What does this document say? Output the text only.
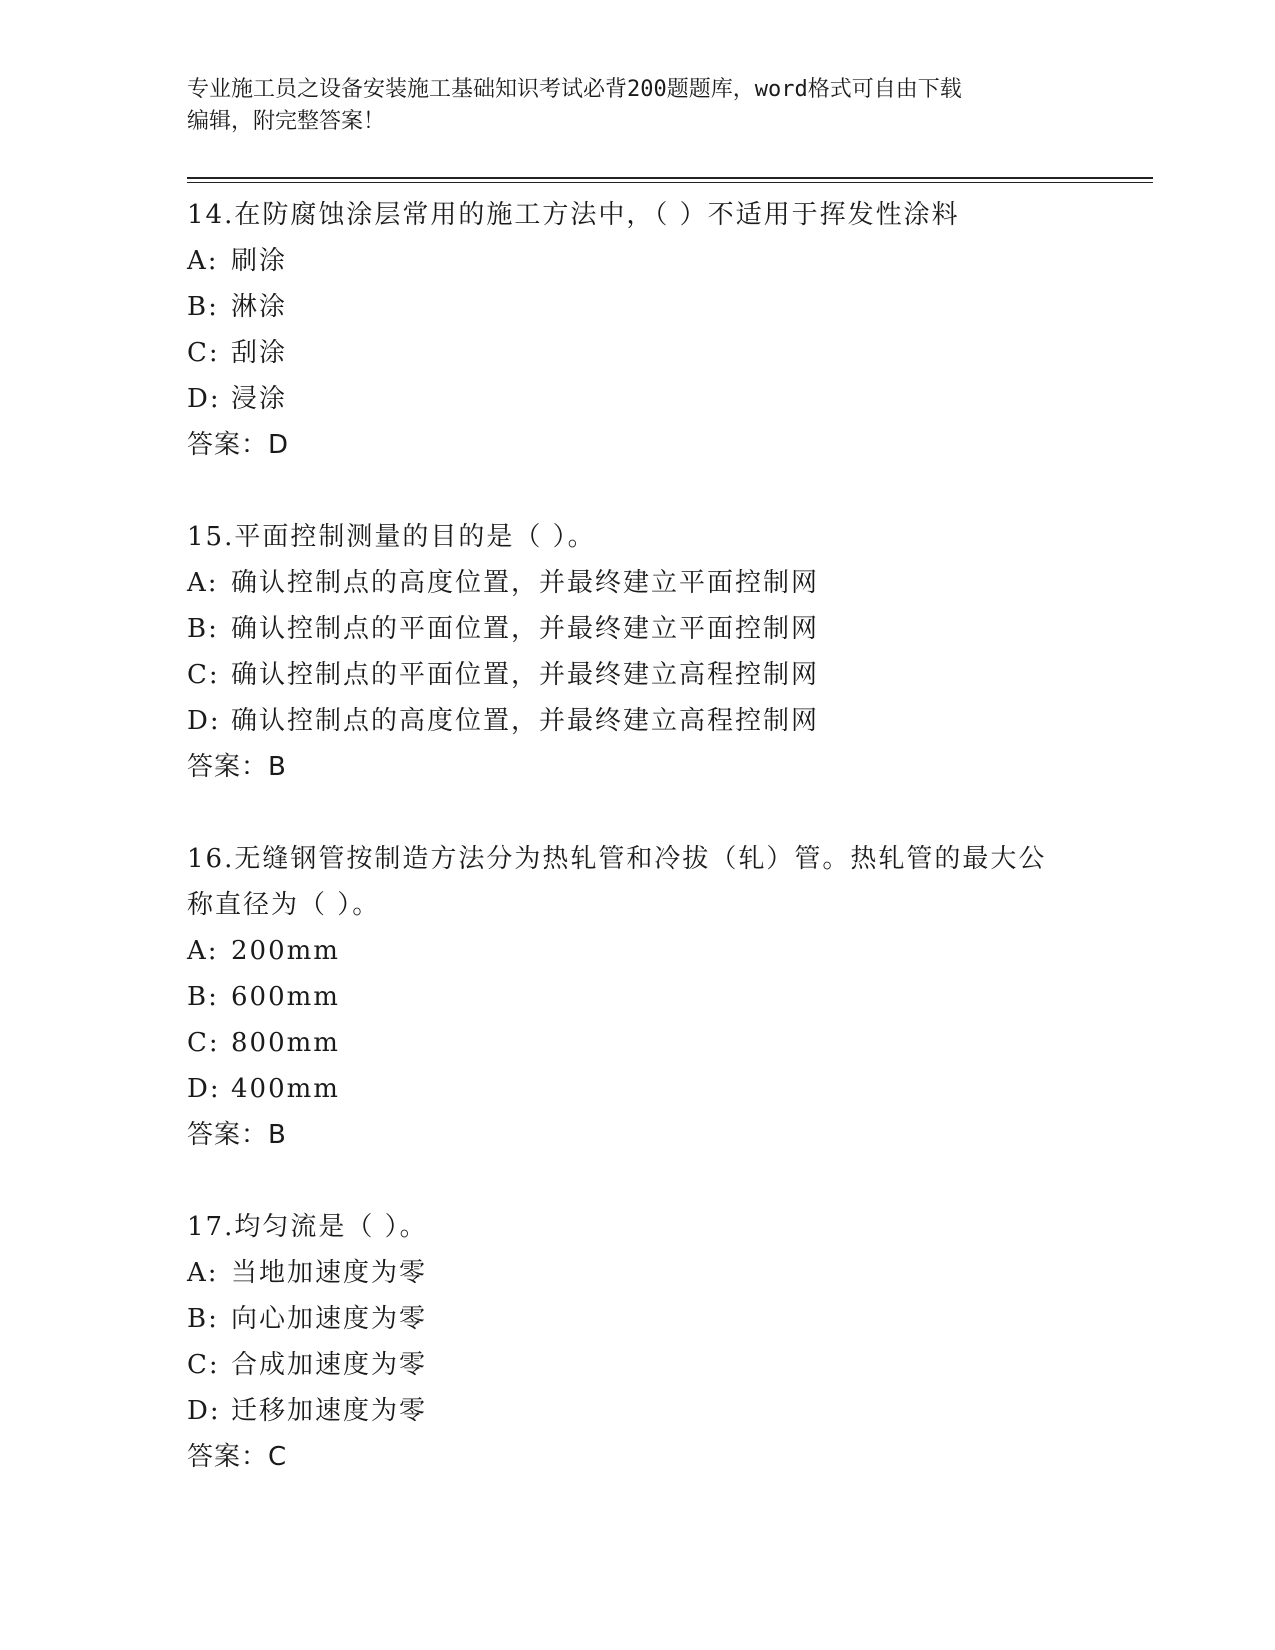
专业施工员之设备安装施工基础知识考试必背200题题库，word格式可自由下载
编辑，附完整答案！
14.在防腐蚀涂层常用的施工方法中，（ ）不适用于挥发性涂料
A: 刷涂
B: 淋涂
C: 刮涂
D: 浸涂
答案：D
15.平面控制测量的目的是（ ）。
A: 确认控制点的高度位置，并最终建立平面控制网
B: 确认控制点的平面位置，并最终建立平面控制网
C: 确认控制点的平面位置，并最终建立高程控制网
D: 确认控制点的高度位置，并最终建立高程控制网
答案：B
16.无缝钢管按制造方法分为热轧管和冷拔（轧）管。热轧管的最大公
称直径为（ ）。
A: 200mm
B: 600mm
C: 800mm
D: 400mm
答案：B
17.均匀流是（ ）。
A: 当地加速度为零
B: 向心加速度为零
C: 合成加速度为零
D: 迁移加速度为零
答案：C
